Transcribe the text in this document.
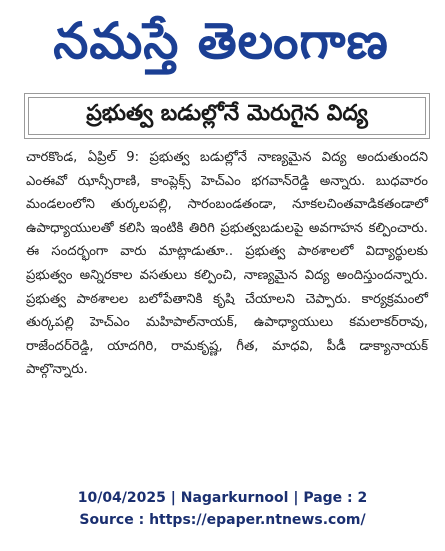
నమస్తే తెలంగాణ
ప్రభుత్వ బడుల్లోనే మెరుగైన విద్య
చారకొండ, ఏప్రిల్ 9: ప్రభుత్వ బడుల్లోనే నాణ్యమైన విద్య అందుతుందని ఎంఈవో ఝాన్సీరాణి, కాంప్లెక్స్ హెచ్ఎం భగవాన్‌రెడ్డి అన్నారు. బుధవారం మండలంలోని తుర్కలపల్లి, సారంబండతండా, నూకలచింతవాడికతండాలో ఉపాధ్యాయులతో కలిసి ఇంటికి తిరిగి ప్రభుత్వబడులపై అవగాహన కల్పించారు. ఈ సందర్భంగా వారు మాట్లాడుతూ.. ప్రభుత్వ పాఠశాలలో విద్యార్థులకు ప్రభుత్వం అన్నిరకాల వసతులు కల్పించి, నాణ్యమైన విద్య అందిస్తుందన్నారు. ప్రభుత్వ పాఠశాలల బలోపేతానికి కృషి చేయాలని చెప్పారు. కార్యక్రమంలో తుర్కపల్లి హెచ్ఎం మహిపాల్‌నాయక్, ఉపాధ్యాయులు కమలాకర్‌రావు, రాజేందర్‌రెడ్డి, యాదగిరి, రామకృష్ణ, గీత, మాధవి, పీడీ డాక్యానాయక్ పాల్గొన్నారు.
10/04/2025 | Nagarkurnool | Page : 2
Source : https://epaper.ntnews.com/
